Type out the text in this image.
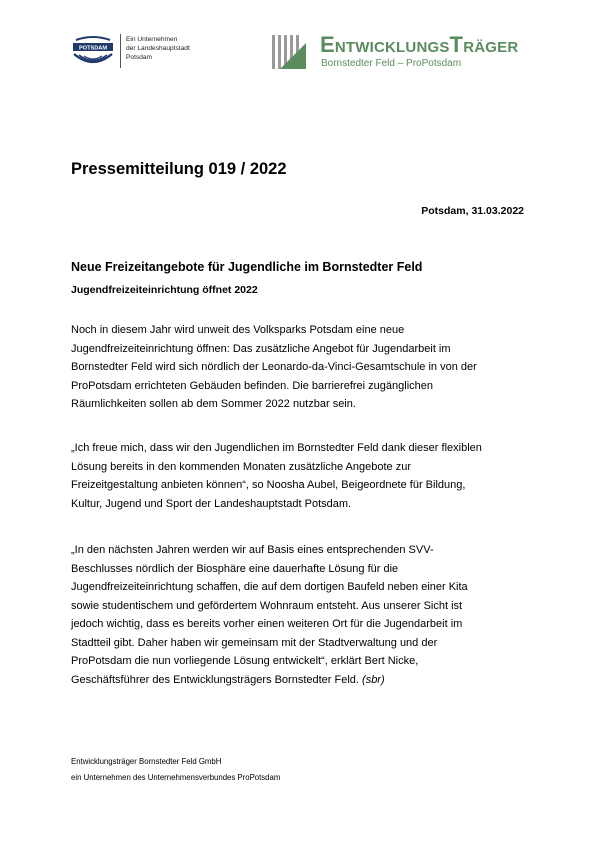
POTSDAM
Ein Unternehmen
der Landeshauptstadt
Potsdam
EntwicklungsTräger
Bornstedter Feld – ProPotsdam
Pressemitteilung 019 / 2022
Potsdam, 31.03.2022
Neue Freizeitangebote für Jugendliche im Bornstedter Feld
Jugendfreizeiteinrichtung öffnet 2022
Noch in diesem Jahr wird unweit des Volksparks Potsdam eine neue
Jugendfreizeiteinrichtung öffnen: Das zusätzliche Angebot für Jugendarbeit im
Bornstedter Feld wird sich nördlich der Leonardo-da-Vinci-Gesamtschule in von der
ProPotsdam errichteten Gebäuden befinden. Die barrierefrei zugänglichen
Räumlichkeiten sollen ab dem Sommer 2022 nutzbar sein.
„Ich freue mich, dass wir den Jugendlichen im Bornstedter Feld dank dieser flexiblen
Lösung bereits in den kommenden Monaten zusätzliche Angebote zur
Freizeitgestaltung anbieten können“, so Noosha Aubel, Beigeordnete für Bildung,
Kultur, Jugend und Sport der Landeshauptstadt Potsdam.
„In den nächsten Jahren werden wir auf Basis eines entsprechenden SVV-
Beschlusses nördlich der Biosphäre eine dauerhafte Lösung für die
Jugendfreizeiteinrichtung schaffen, die auf dem dortigen Baufeld neben einer Kita
sowie studentischem und gefördertem Wohnraum entsteht. Aus unserer Sicht ist
jedoch wichtig, dass es bereits vorher einen weiteren Ort für die Jugendarbeit im
Stadtteil gibt. Daher haben wir gemeinsam mit der Stadtverwaltung und der
ProPotsdam die nun vorliegende Lösung entwickelt“, erklärt Bert Nicke,
Geschäftsführer des Entwicklungsträgers Bornstedter Feld. (sbr)
Entwicklungsträger Bornstedter Feld GmbH
ein Unternehmen des Unternehmensverbundes ProPotsdam
